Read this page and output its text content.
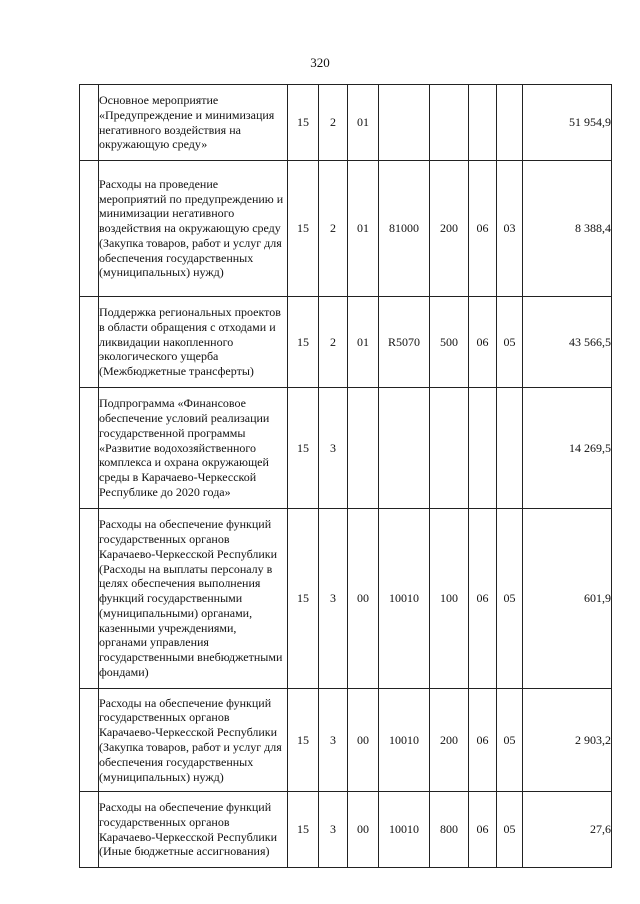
320
	Основное мероприятие «Предупреждение и минимизация негативного воздействия на окружающую среду»	15	2	01					51 954,9
	Расходы на проведение мероприятий по предупреждению и минимизации негативного воздействия на окружающую среду (Закупка товаров, работ и услуг для обеспечения государственных (муниципальных) нужд)	15	2	01	81000	200	06	03	8 388,4
	Поддержка региональных проектов в области обращения с отходами и ликвидации накопленного экологического ущерба (Межбюджетные трансферты)	15	2	01	R5070	500	06	05	43 566,5
	Подпрограмма «Финансовое обеспечение условий реализации государственной программы «Развитие водохозяйственного комплекса и охрана окружающей среды в Карачаево-Черкесской Республике до 2020 года»	15	3						14 269,5
	Расходы на обеспечение функций государственных органов Карачаево-Черкесской Республики (Расходы на выплаты персоналу в целях обеспечения выполнения функций государственными (муниципальными) органами, казенными учреждениями, органами управления государственными внебюджетными фондами)	15	3	00	10010	100	06	05	601,9
	Расходы на обеспечение функций государственных органов Карачаево-Черкесской Республики (Закупка товаров, работ и услуг для обеспечения государственных (муниципальных) нужд)	15	3	00	10010	200	06	05	2 903,2
	Расходы на обеспечение функций государственных органов Карачаево-Черкесской Республики (Иные бюджетные ассигнования)	15	3	00	10010	800	06	05	27,6
